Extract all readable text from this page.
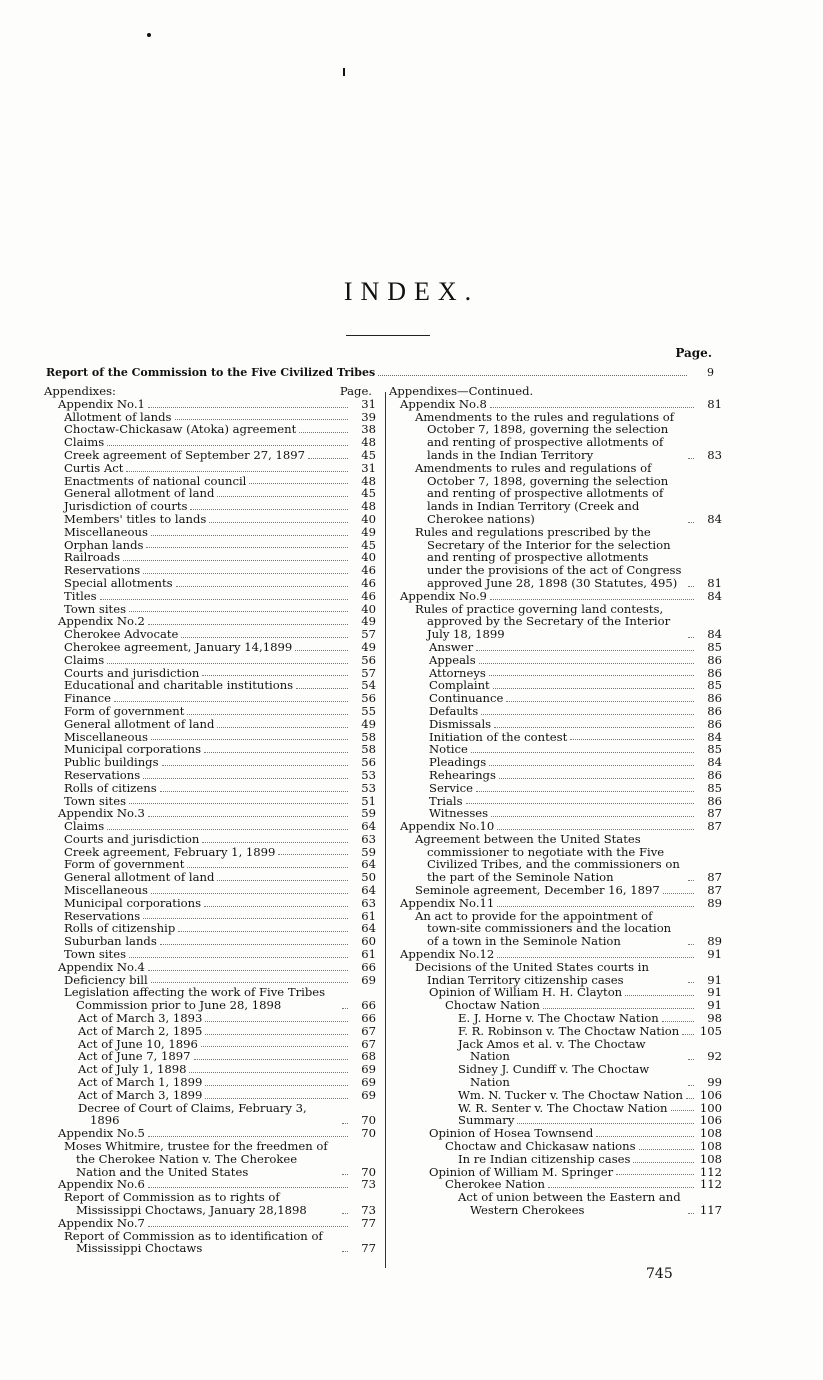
INDEX.
Page.
Report of the Commission to the Five Civilized Tribes	9
Appendixes:	Page.
Appendix No.1	31
Allotment of lands	39
Choctaw-Chickasaw (Atoka) agreement	38
Claims	48
Creek agreement of September 27, 1897	45
Curtis Act	31
Enactments of national council	48
General allotment of land	45
Jurisdiction of courts	48
Members' titles to lands	40
Miscellaneous	49
Orphan lands	45
Railroads	40
Reservations	46
Special allotments	46
Titles	46
Town sites	40
Appendix No.2	49
Cherokee Advocate	57
Cherokee agreement, January 14,1899	49
Claims	56
Courts and jurisdiction	57
Educational and charitable institutions	54
Finance	56
Form of government	55
General allotment of land	49
Miscellaneous	58
Municipal corporations	58
Public buildings	56
Reservations	53
Rolls of citizens	53
Town sites	51
Appendix No.3	59
Claims	64
Courts and jurisdiction	63
Creek agreement, February 1, 1899	59
Form of government	64
General allotment of land	50
Miscellaneous	64
Municipal corporations	63
Reservations	61
Rolls of citizenship	64
Suburban lands	60
Town sites	61
Appendix No.4	66
Deficiency bill	69
Legislation affecting the work of Five Tribes Commission prior to June 28, 1898	66
Act of March 3, 1893	66
Act of March 2, 1895	67
Act of June 10, 1896	67
Act of June 7, 1897	68
Act of July 1, 1898	69
Act of March 1, 1899	69
Act of March 3, 1899	69
Decree of Court of Claims, February 3, 1896	70
Appendix No.5	70
Moses Whitmire, trustee for the freedmen of the Cherokee Nation v. The Cherokee Nation and the United States	70
Appendix No.6	73
Report of Commission as to rights of Mississippi Choctaws, January 28,1898	73
Appendix No.7	77
Report of Commission as to identification of Mississippi Choctaws	77
Appendixes—Continued.
Appendix No.8	81
Amendments to the rules and regulations of October 7, 1898, governing the selection and renting of prospective allotments of lands in the Indian Territory	83
Amendments to rules and regulations of October 7, 1898, governing the selection and renting of prospective allotments of lands in Indian Territory (Creek and Cherokee nations)	84
Rules and regulations prescribed by the Secretary of the Interior for the selection and renting of prospective allotments under the provisions of the act of Congress approved June 28, 1898 (30 Statutes, 495)	81
Appendix No.9	84
Rules of practice governing land contests, approved by the Secretary of the Interior July 18, 1899	84
Answer	85
Appeals	86
Attorneys	86
Complaint	85
Continuance	86
Defaults	86
Dismissals	86
Initiation of the contest	84
Notice	85
Pleadings	84
Rehearings	86
Service	85
Trials	86
Witnesses	87
Appendix No.10	87
Agreement between the United States commissioner to negotiate with the Five Civilized Tribes, and the commissioners on the part of the Seminole Nation	87
Seminole agreement, December 16, 1897	87
Appendix No.11	89
An act to provide for the appointment of town-site commissioners and the location of a town in the Seminole Nation	89
Appendix No.12	91
Decisions of the United States courts in Indian Territory citizenship cases	91
Opinion of William H. H. Clayton	91
Choctaw Nation	91
E. J. Horne v. The Choctaw Nation	98
F. R. Robinson v. The Choctaw Nation	105
Jack Amos et al. v. The Choctaw Nation	92
Sidney J. Cundiff v. The Choctaw Nation	99
Wm. N. Tucker v. The Choctaw Nation	106
W. R. Senter v. The Choctaw Nation	100
Summary	106
Opinion of Hosea Townsend	108
Choctaw and Chickasaw nations	108
In re Indian citizenship cases	108
Opinion of William M. Springer	112
Cherokee Nation	112
Act of union between the Eastern and Western Cherokees	117
745
